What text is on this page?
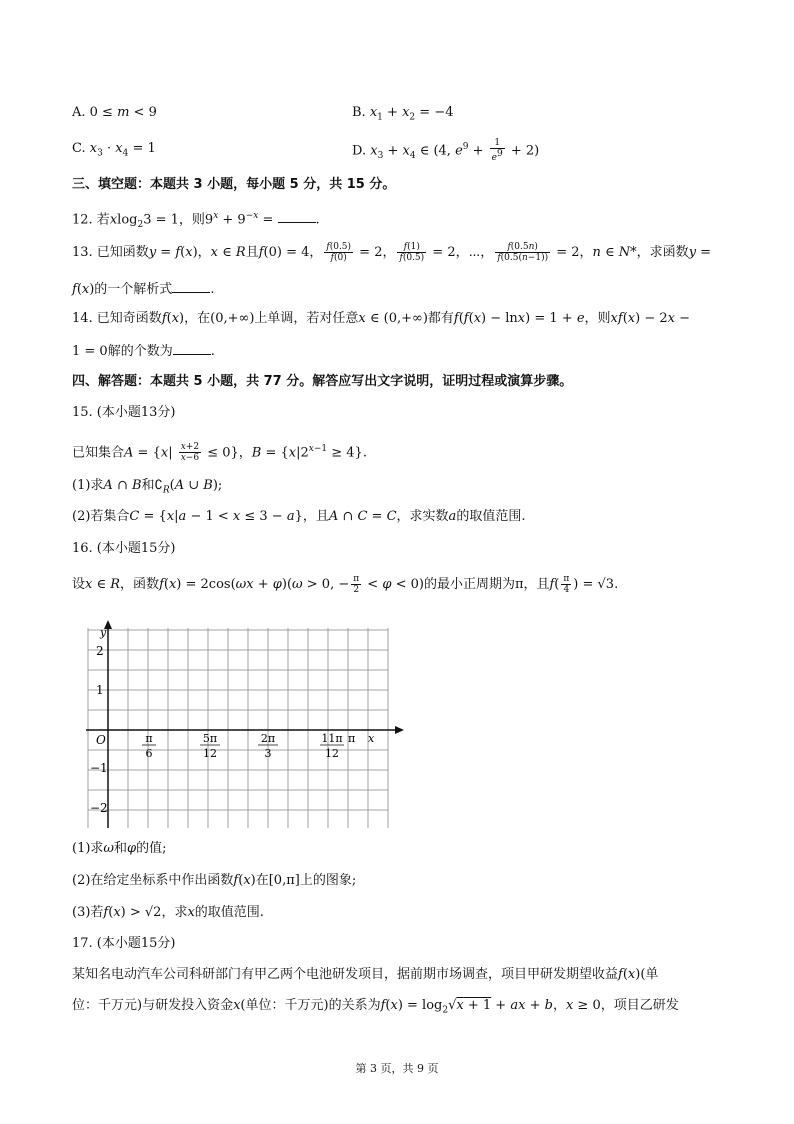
A. 0 ≤ m < 9	B. $x_1 + x_2 = -4$
C. $x_3 \cdot x_4 = 1$	D. $x_3 + x_4$ ∈ (4, $e^9 + \frac{1}{e^9} + 2$)
三、填空题：本题共 3 小题，每小题 5 分，共 15 分。
12. 若xlog$_2$3 = 1，则$9^x + 9^{-x}$ =	.
13. 已知函数y = f(x)，x ∈ R且f(0) = 4， $\frac{f(0.5)}{f(0)} = 2$， $\frac{f(1)}{f(0.5)} = 2$，⋯， $\frac{f(0.5n)}{f(0.5(n-1))} = 2$，n ∈ N*，求函数y =
f(x)的一个解析式	.
14. 已知奇函数f(x)，在(0,+∞)上单调，若对任意x ∈ (0,+∞)都有f(f(x) − lnx) = 1 + e，则xf(x) − 2x −
1 = 0解的个数为	.
四、解答题：本题共 5 小题，共 77 分。解答应写出文字说明，证明过程或演算步骤。
15. (本小题13分)
已知集合$A = \{x| \frac{x+2}{x-6} \le 0\}$，$B = \{x|2^{x-1} \ge 4\}$.
(1)求A ∩ B和$∁_R(A$ ∪ B);
(2)若集合C = {x|a − 1 < x ≤ 3 − a}，且A ∩ C = C，求实数a的取值范围.
16. (本小题15分)
设x ∈ R，函数f(x) = 2cos(ωx + φ)(ω > 0, − $\frac{\pi}{2} < \varphi < 0$)的最小正周期为π，且$f( \frac{\pi}{4}$ ) = √3.
y
x
O
2
1
−1
−2
π
6
5π
12
2π
3
11π
12
π
(1)求ω和φ的值;
(2)在给定坐标系中作出函数f(x)在[0,π]上的图象;
(3)若f(x) > √2，求x的取值范围.
17. (本小题15分)
某知名电动汽车公司科研部门有甲乙两个电池研发项目，据前期市场调查，项目甲研发期望收益f(x)(单
位：千万元)与研发投入资金x(单位：千万元)的关系为$f(x) = \log_2√x + 1$ + ax + b，x ≥ 0，项目乙研发
第 3 页，共 9 页
